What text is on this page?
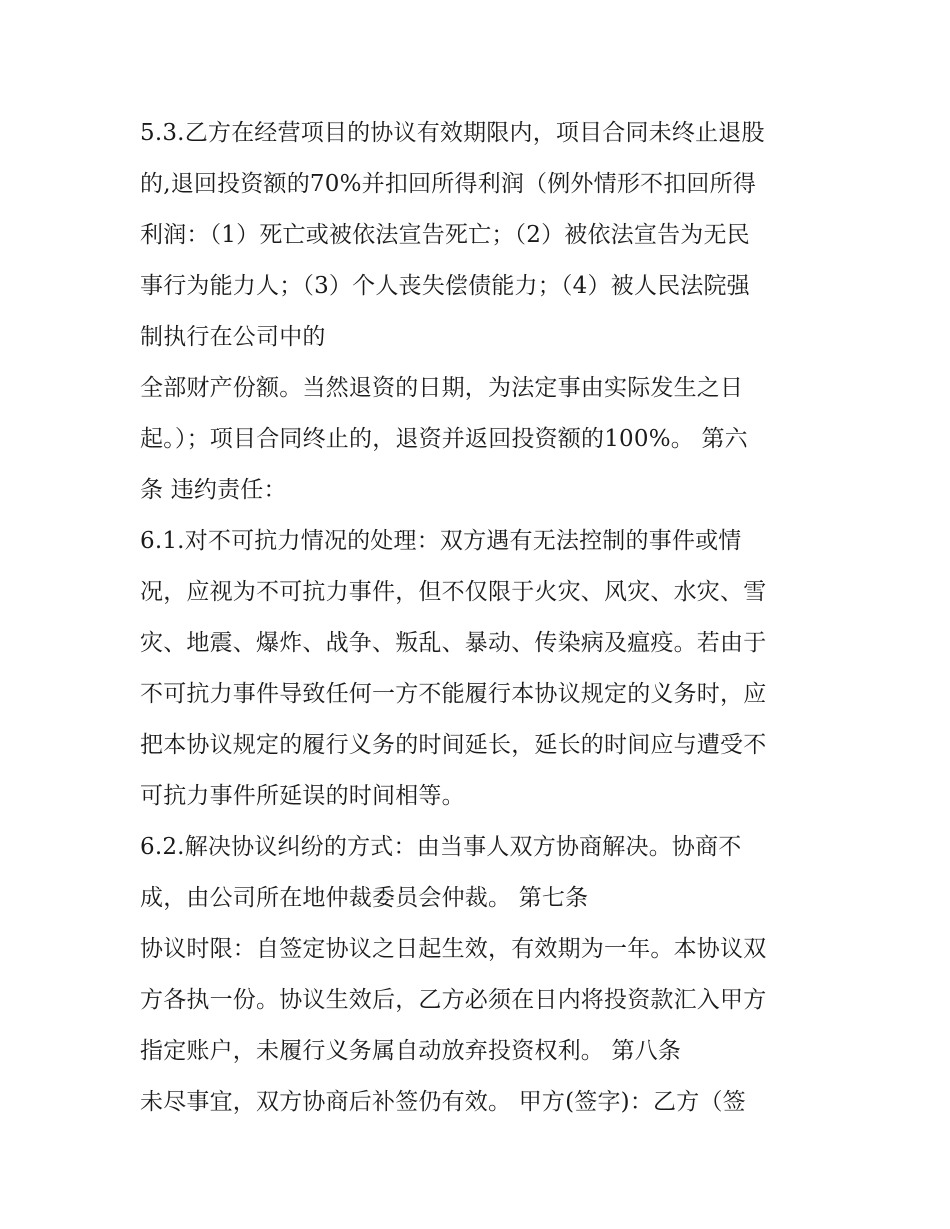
5.3.乙方在经营项目的协议有效期限内，项目合同未终止退股
的,退回投资额的70%并扣回所得利润（例外情形不扣回所得
利润：（1）死亡或被依法宣告死亡；（2）被依法宣告为无民
事行为能力人；（3）个人丧失偿债能力；（4）被人民法院强
制执行在公司中的
全部财产份额。当然退资的日期，为法定事由实际发生之日
起。）；项目合同终止的，退资并返回投资额的100%。 第六
条 违约责任：
6.1.对不可抗力情况的处理：双方遇有无法控制的事件或情
况，应视为不可抗力事件，但不仅限于火灾、风灾、水灾、雪
灾、地震、爆炸、战争、叛乱、暴动、传染病及瘟疫。若由于
不可抗力事件导致任何一方不能履行本协议规定的义务时，应
把本协议规定的履行义务的时间延长，延长的时间应与遭受不
可抗力事件所延误的时间相等。
6.2.解决协议纠纷的方式：由当事人双方协商解决。协商不
成，由公司所在地仲裁委员会仲裁。 第七条
协议时限：自签定协议之日起生效，有效期为一年。本协议双
方各执一份。协议生效后，乙方必须在日内将投资款汇入甲方
指定账户，未履行义务属自动放弃投资权利。 第八条
未尽事宜，双方协商后补签仍有效。 甲方(签字)：乙方（签
